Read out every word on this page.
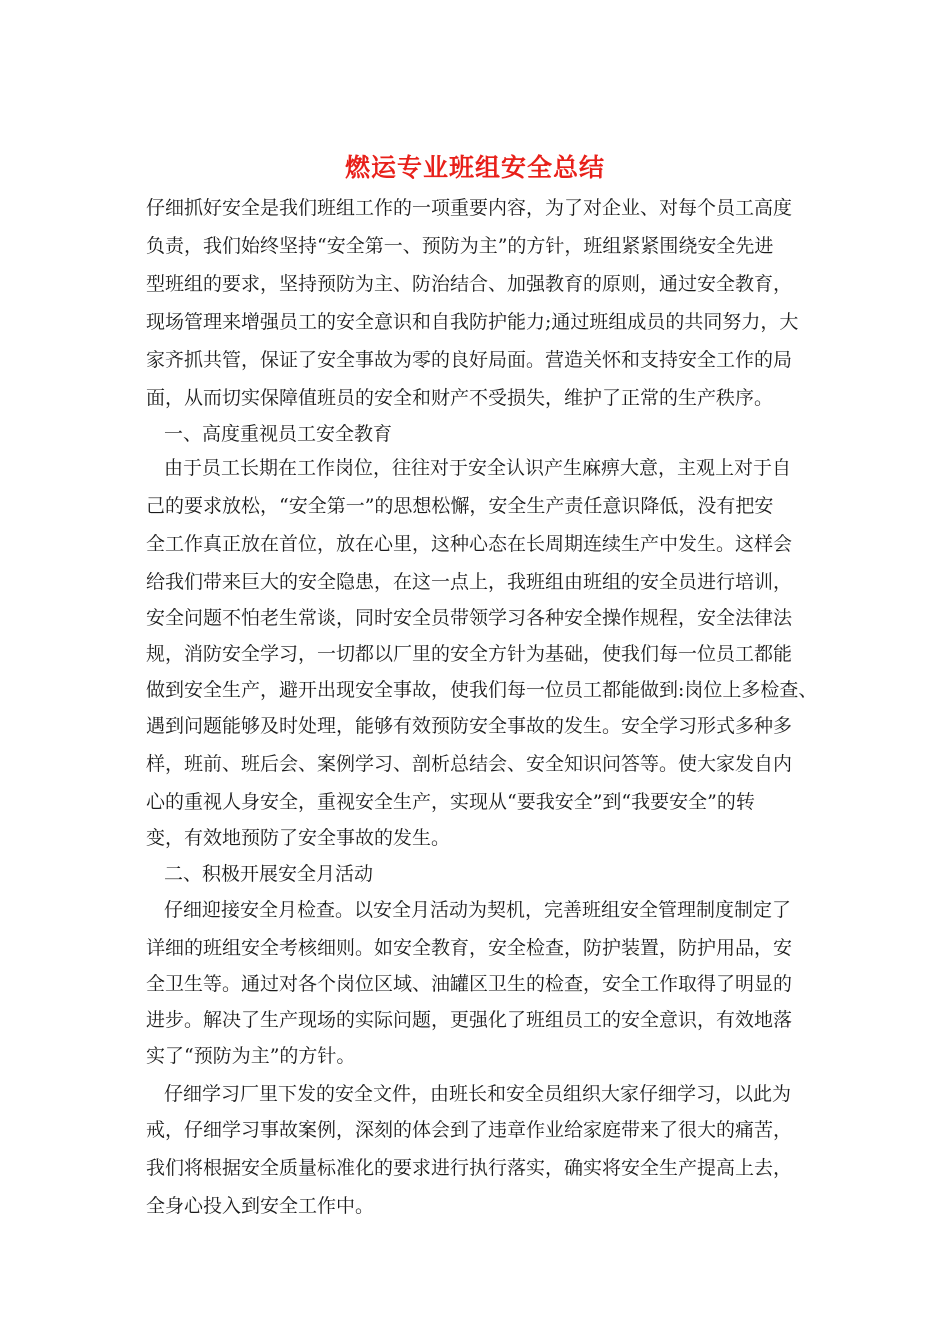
燃运专业班组安全总结
仔细抓好安全是我们班组工作的一项重要内容，为了对企业、对每个员工高度
负责，我们始终坚持“安全第一、预防为主”的方针，班组紧紧围绕安全先进
型班组的要求，坚持预防为主、防治结合、加强教育的原则，通过安全教育，
现场管理来增强员工的安全意识和自我防护能力;通过班组成员的共同努力，大
家齐抓共管，保证了安全事故为零的良好局面。营造关怀和支持安全工作的局
面，从而切实保障值班员的安全和财产不受损失，维护了正常的生产秩序。
一、高度重视员工安全教育
由于员工长期在工作岗位，往往对于安全认识产生麻痹大意，主观上对于自
己的要求放松，“安全第一”的思想松懈，安全生产责任意识降低，没有把安
全工作真正放在首位，放在心里，这种心态在长周期连续生产中发生。这样会
给我们带来巨大的安全隐患，在这一点上，我班组由班组的安全员进行培训，
安全问题不怕老生常谈，同时安全员带领学习各种安全操作规程，安全法律法
规，消防安全学习，一切都以厂里的安全方针为基础，使我们每一位员工都能
做到安全生产，避开出现安全事故，使我们每一位员工都能做到:岗位上多检查、
遇到问题能够及时处理，能够有效预防安全事故的发生。安全学习形式多种多
样，班前、班后会、案例学习、剖析总结会、安全知识问答等。使大家发自内
心的重视人身安全，重视安全生产，实现从“要我安全”到“我要安全”的转
变，有效地预防了安全事故的发生。
二、积极开展安全月活动
仔细迎接安全月检查。以安全月活动为契机，完善班组安全管理制度制定了
详细的班组安全考核细则。如安全教育，安全检查，防护装置，防护用品，安
全卫生等。通过对各个岗位区域、油罐区卫生的检查，安全工作取得了明显的
进步。解决了生产现场的实际问题，更强化了班组员工的安全意识，有效地落
实了“预防为主”的方针。
仔细学习厂里下发的安全文件，由班长和安全员组织大家仔细学习，以此为
戒，仔细学习事故案例，深刻的体会到了违章作业给家庭带来了很大的痛苦，
我们将根据安全质量标准化的要求进行执行落实，确实将安全生产提高上去，
全身心投入到安全工作中。
